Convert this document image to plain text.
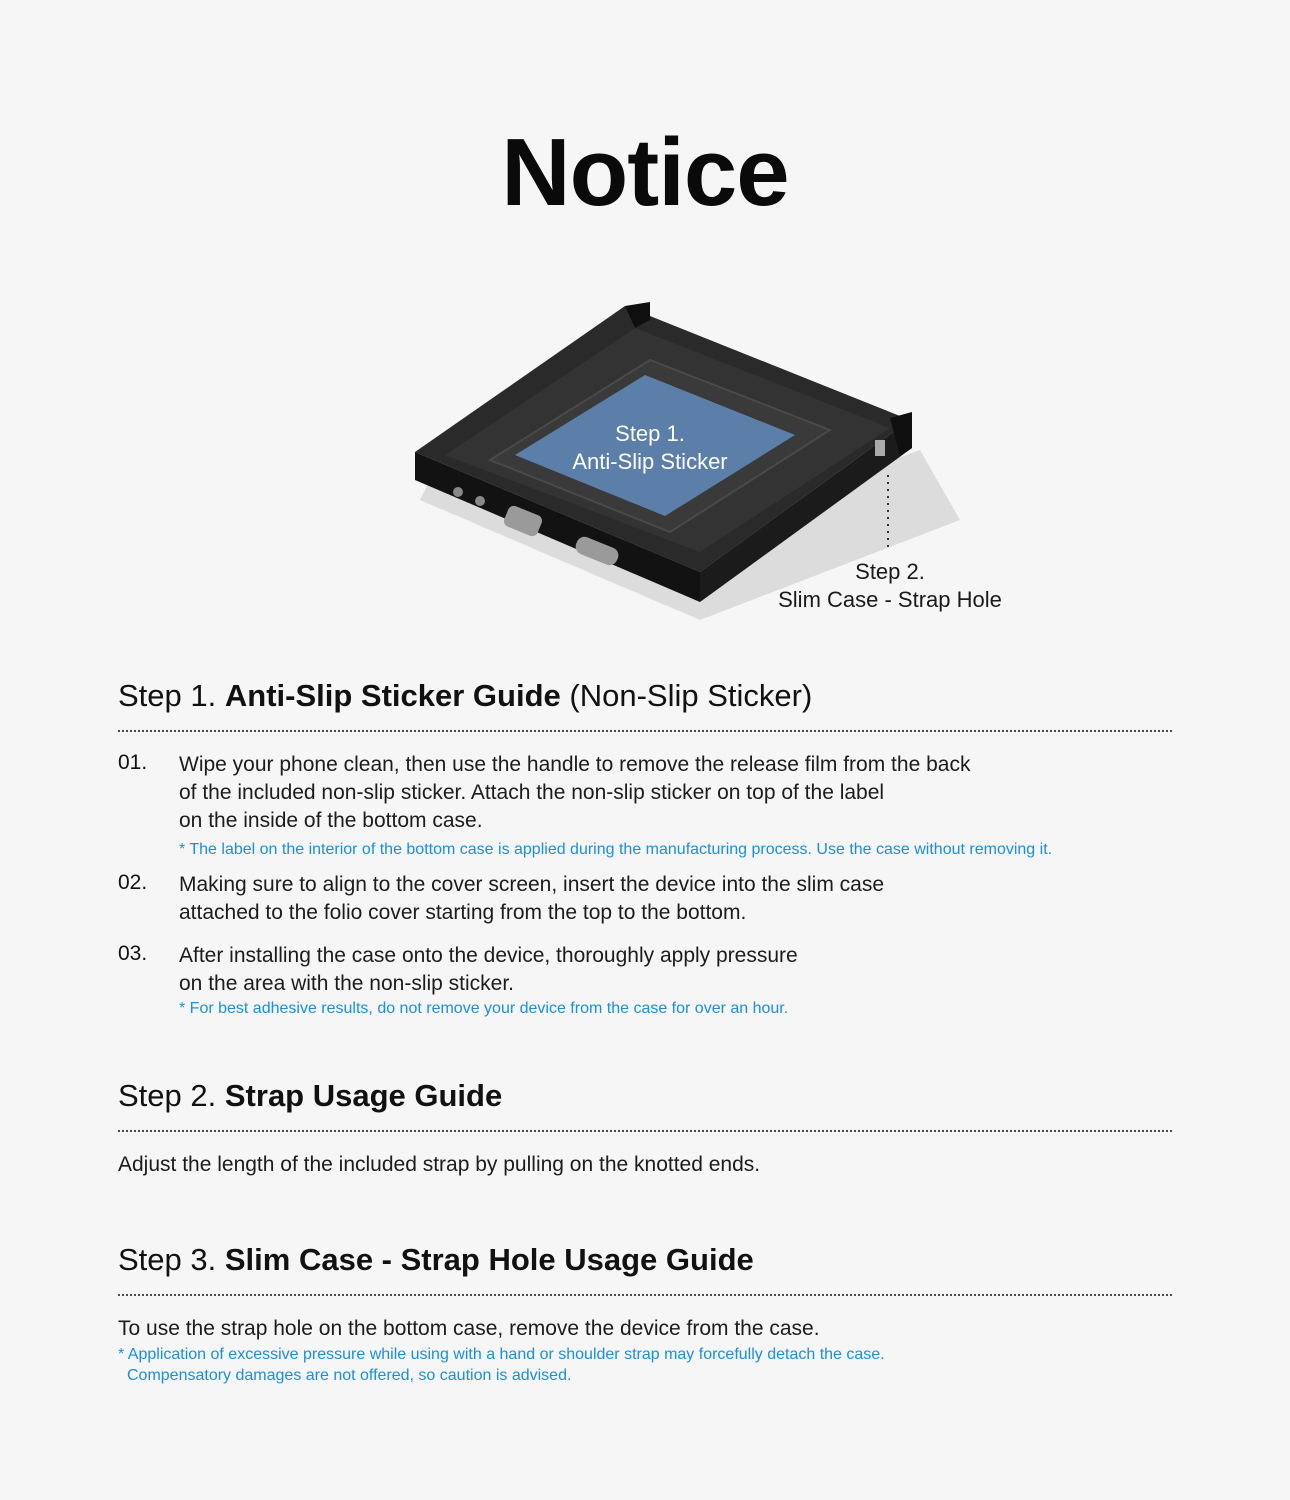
Notice
Step 1.
Anti-Slip Sticker
Step 2.
Slim Case - Strap Hole
Step 1. Anti-Slip Sticker Guide (Non-Slip Sticker)
01. Wipe your phone clean, then use the handle to remove the release film from the back
of the included non-slip sticker. Attach the non-slip sticker on top of the label
on the inside of the bottom case.
* The label on the interior of the bottom case is applied during the manufacturing process. Use the case without removing it.
02. Making sure to align to the cover screen, insert the device into the slim case
attached to the folio cover starting from the top to the bottom.
03. After installing the case onto the device, thoroughly apply pressure
on the area with the non-slip sticker.
* For best adhesive results, do not remove your device from the case for over an hour.
Step 2. Strap Usage Guide
Adjust the length of the included strap by pulling on the knotted ends.
Step 3. Slim Case - Strap Hole Usage Guide
To use the strap hole on the bottom case, remove the device from the case.
* Application of excessive pressure while using with a hand or shoulder strap may forcefully detach the case.
Compensatory damages are not offered, so caution is advised.
